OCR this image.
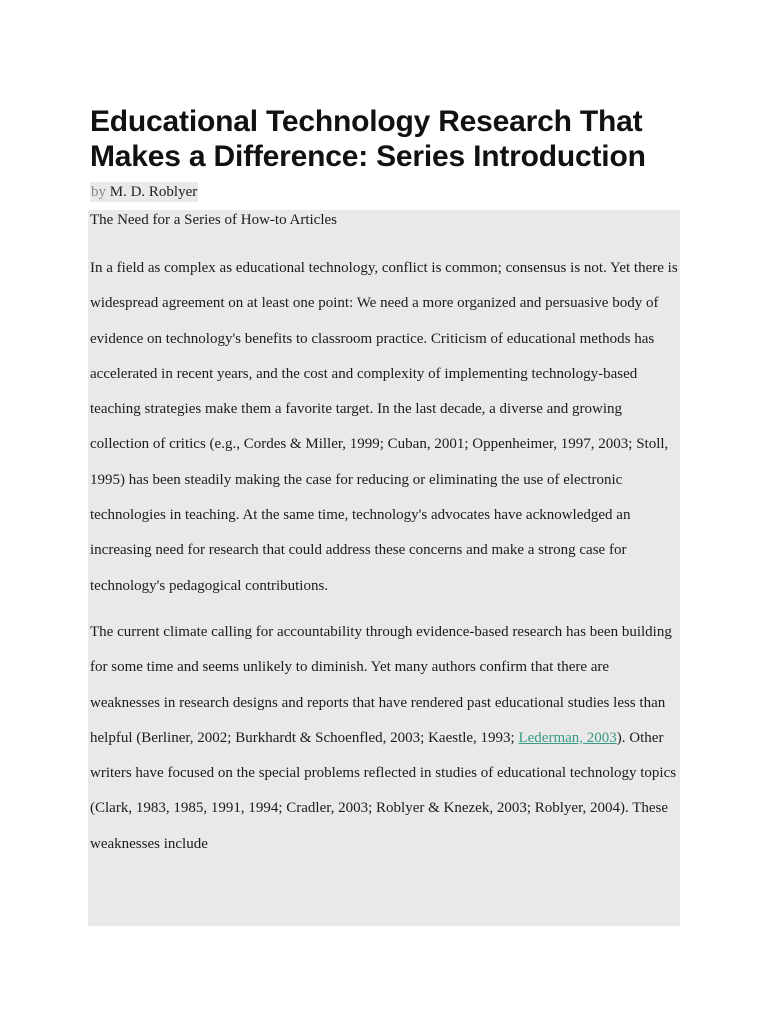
Educational Technology Research That Makes a Difference: Series Introduction
by M. D. Roblyer

The Need for a Series of How-to Articles

In a field as complex as educational technology, conflict is common; consensus is not. Yet there is widespread agreement on at least one point: We need a more organized and persuasive body of evidence on technology's benefits to classroom practice. Criticism of educational methods has accelerated in recent years, and the cost and complexity of implementing technology-based teaching strategies make them a favorite target. In the last decade, a diverse and growing collection of critics (e.g., Cordes & Miller, 1999; Cuban, 2001; Oppenheimer, 1997, 2003; Stoll, 1995) has been steadily making the case for reducing or eliminating the use of electronic technologies in teaching. At the same time, technology's advocates have acknowledged an increasing need for research that could address these concerns and make a strong case for technology's pedagogical contributions.

The current climate calling for accountability through evidence-based research has been building for some time and seems unlikely to diminish. Yet many authors confirm that there are weaknesses in research designs and reports that have rendered past educational studies less than helpful (Berliner, 2002; Burkhardt & Schoenfled, 2003; Kaestle, 1993; Lederman, 2003). Other writers have focused on the special problems reflected in studies of educational technology topics (Clark, 1983, 1985, 1991, 1994; Cradler, 2003; Roblyer & Knezek, 2003; Roblyer, 2004). These weaknesses include
